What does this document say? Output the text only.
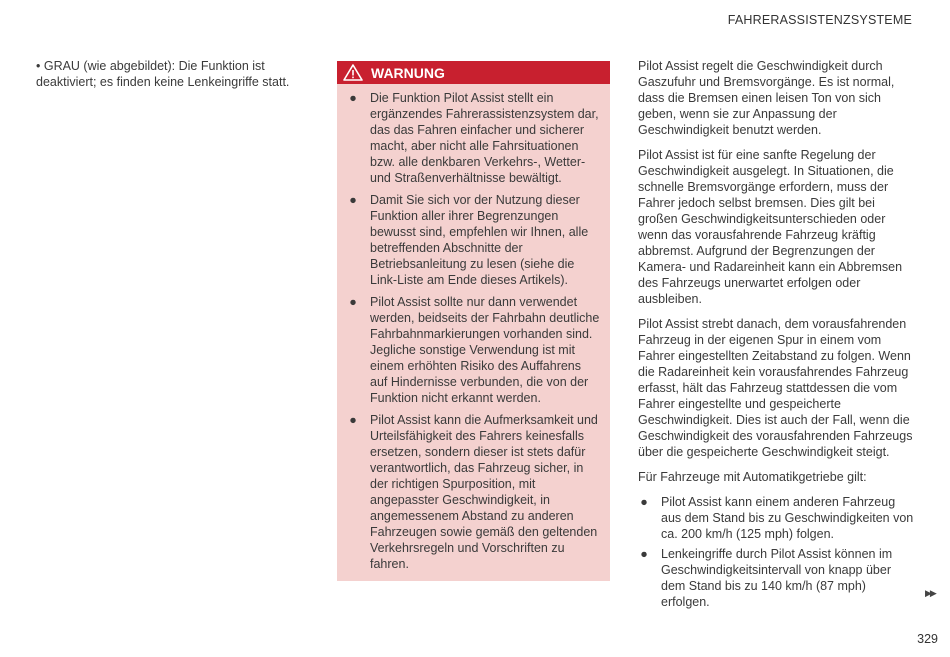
FAHRERASSISTENZSYSTEME

• GRAU (wie abgebildet): Die Funktion ist deaktiviert; es finden keine Lenkeingriffe statt.

WARNUNG
● Die Funktion Pilot Assist stellt ein ergänzendes Fahrerassistenzsystem dar, das das Fahren einfacher und sicherer macht, aber nicht alle Fahrsituationen bzw. alle denkbaren Verkehrs-, Wetter- und Straßenverhältnisse bewältigt.
● Damit Sie sich vor der Nutzung dieser Funktion aller ihrer Begrenzungen bewusst sind, empfehlen wir Ihnen, alle betreffenden Abschnitte der Betriebsanleitung zu lesen (siehe die Link-Liste am Ende dieses Artikels).
● Pilot Assist sollte nur dann verwendet werden, beidseits der Fahrbahn deutliche Fahrbahnmarkierungen vorhanden sind. Jegliche sonstige Verwendung ist mit einem erhöhten Risiko des Auffahrens auf Hindernisse verbunden, die von der Funktion nicht erkannt werden.
● Pilot Assist kann die Aufmerksamkeit und Urteilsfähigkeit des Fahrers keinesfalls ersetzen, sondern dieser ist stets dafür verantwortlich, das Fahrzeug sicher, in der richtigen Spurposition, mit angepasster Geschwindigkeit, in angemessenem Abstand zu anderen Fahrzeugen sowie gemäß den geltenden Verkehrsregeln und Vorschriften zu fahren.

Pilot Assist regelt die Geschwindigkeit durch Gaszufuhr und Bremsvorgänge. Es ist normal, dass die Bremsen einen leisen Ton von sich geben, wenn sie zur Anpassung der Geschwindigkeit benutzt werden.

Pilot Assist ist für eine sanfte Regelung der Geschwindigkeit ausgelegt. In Situationen, die schnelle Bremsvorgänge erfordern, muss der Fahrer jedoch selbst bremsen. Dies gilt bei großen Geschwindigkeitsunterschieden oder wenn das vorausfahrende Fahrzeug kräftig abbremst. Aufgrund der Begrenzungen der Kamera- und Radareinheit kann ein Abbremsen des Fahrzeugs unerwartet erfolgen oder ausbleiben.

Pilot Assist strebt danach, dem vorausfahrenden Fahrzeug in der eigenen Spur in einem vom Fahrer eingestellten Zeitabstand zu folgen. Wenn die Radareinheit kein vorausfahrendes Fahrzeug erfasst, hält das Fahrzeug stattdessen die vom Fahrer eingestellte und gespeicherte Geschwindigkeit. Dies ist auch der Fall, wenn die Geschwindigkeit des vorausfahrenden Fahrzeugs über die gespeicherte Geschwindigkeit steigt.

Für Fahrzeuge mit Automatikgetriebe gilt:

● Pilot Assist kann einem anderen Fahrzeug aus dem Stand bis zu Geschwindigkeiten von ca. 200 km/h (125 mph) folgen.
● Lenkeingriffe durch Pilot Assist können im Geschwindigkeitsintervall von knapp über dem Stand bis zu 140 km/h (87 mph) erfolgen.
▶▶
329
